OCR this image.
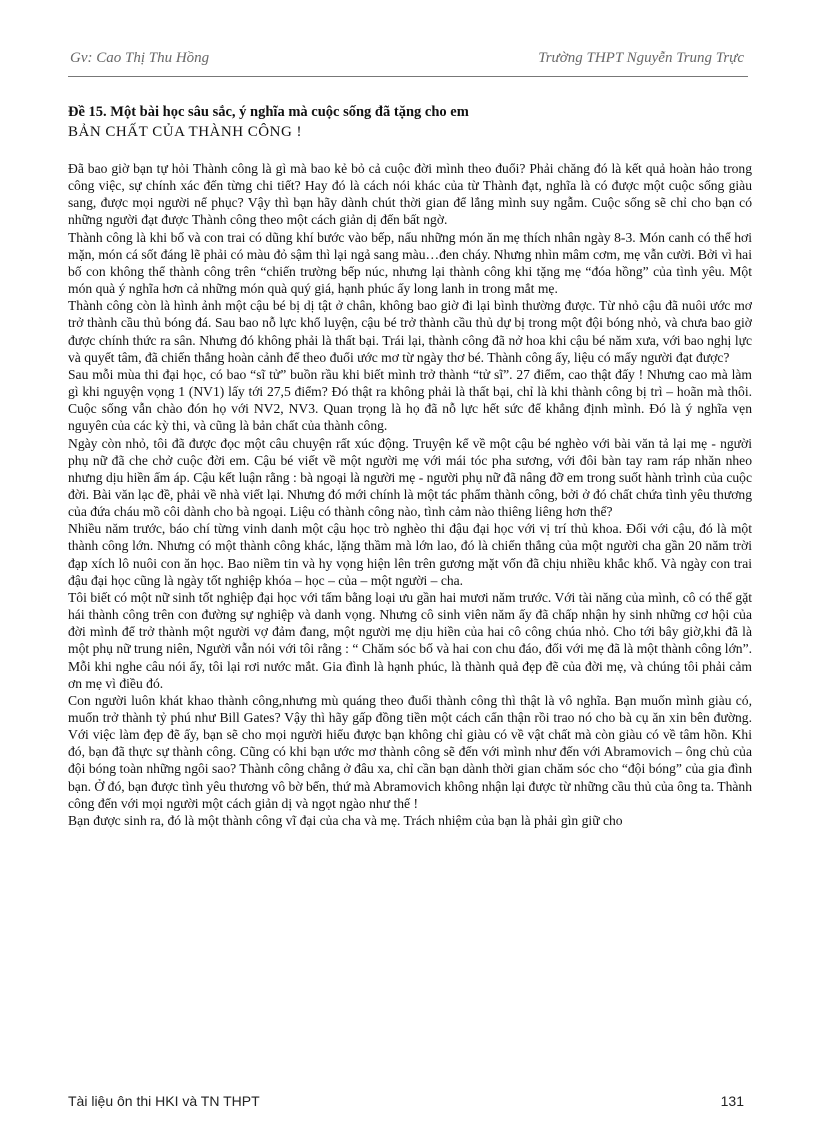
Gv: Cao Thị Thu Hồng	Trường THPT Nguyễn Trung Trực
Đề 15. Một bài học sâu sắc, ý nghĩa mà cuộc sống đã tặng cho em
BẢN CHẤT CỦA THÀNH CÔNG !

Đã bao giờ bạn tự hỏi Thành công là gì mà bao kẻ bỏ cả cuộc đời mình theo đuổi? Phải chăng đó là kết quả hoàn hảo trong công việc, sự chính xác đến từng chi tiết? Hay đó là cách nói khác của từ Thành đạt, nghĩa là có được một cuộc sống giàu sang, được mọi người nể phục? Vậy thì bạn hãy dành chút thời gian để lắng mình suy ngẫm. Cuộc sống sẽ chỉ cho bạn có những người đạt được Thành công theo một cách giản dị đến bất ngờ.

Thành công là khi bố và con trai có dũng khí bước vào bếp, nấu những món ăn mẹ thích nhân ngày 8-3. Món canh có thể hơi mặn, món cá sốt đáng lẽ phải có màu đỏ sậm thì lại ngả sang màu…đen cháy. Nhưng nhìn mâm cơm, mẹ vẫn cười. Bởi vì hai bố con không thể thành công trên “chiến trường bếp núc, nhưng lại thành công khi tặng mẹ “đóa hồng” của tình yêu. Một món quà ý nghĩa hơn cả những món quà quý giá, hạnh phúc ấy long lanh in trong mắt mẹ.

Thành công còn là hình ảnh một cậu bé bị dị tật ở chân, không bao giờ đi lại bình thường được. Từ nhỏ cậu đã nuôi ước mơ trở thành cầu thủ bóng đá. Sau bao nỗ lực khổ luyện, cậu bé trở thành cầu thủ dự bị trong một đội bóng nhỏ, và chưa bao giờ được chính thức ra sân. Nhưng đó không phải là thất bại. Trái lại, thành công đã nở hoa khi cậu bé năm xưa, với bao nghị lực và quyết tâm, đã chiến thắng hoàn cảnh để theo đuổi ước mơ từ ngày thơ bé. Thành công ấy, liệu có mấy người đạt được?

Sau mỗi mùa thi đại học, có bao “sĩ tử” buồn rầu khi biết mình trở thành “tử sĩ”. 27 điểm, cao thật đấy ! Nhưng cao mà làm gì khi nguyện vọng 1 (NV1) lấy tới 27,5 điểm? Đó thật ra không phải là thất bại, chỉ là khi thành công bị trì – hoãn mà thôi. Cuộc sống vẫn chào đón họ với NV2, NV3. Quan trọng là họ đã nỗ lực hết sức để khẳng định mình. Đó là ý nghĩa vẹn nguyên của các kỳ thi, và cũng là bản chất của thành công.

Ngày còn nhỏ, tôi đã được đọc một câu chuyện rất xúc động. Truyện kể về một cậu bé nghèo với bài văn tả lại mẹ - người phụ nữ đã che chở cuộc đời em. Cậu bé viết về một người mẹ với mái tóc pha sương, với đôi bàn tay ram ráp nhăn nheo nhưng dịu hiền ấm áp. Cậu kết luận rằng : bà ngoại là người mẹ - người phụ nữ đã nâng đỡ em trong suốt hành trình của cuộc đời. Bài văn lạc đề, phải về nhà viết lại. Nhưng đó mới chính là một tác phẩm thành công, bởi ở đó chất chứa tình yêu thương của đứa cháu mồ côi dành cho bà ngoại. Liệu có thành công nào, tình cảm nào thiêng liêng hơn thế?

Nhiều năm trước, báo chí từng vinh danh một cậu học trò nghèo thi đậu đại học với vị trí thủ khoa. Đối với cậu, đó là một thành công lớn. Nhưng có một thành công khác, lặng thầm mà lớn lao, đó là chiến thắng của một người cha gần 20 năm trời đạp xích lô nuôi con ăn học. Bao niềm tin và hy vọng hiện lên trên gương mặt vốn đã chịu nhiều khắc khổ. Và ngày con trai đậu đại học cũng là ngày tốt nghiệp khóa – học – của – một người – cha.

Tôi biết có một nữ sinh tốt nghiệp đại học với tấm bằng loại ưu gần hai mươi năm trước. Với tài năng của mình, cô có thể gặt hái thành công trên con đường sự nghiệp và danh vọng. Nhưng cô sinh viên năm ấy đã chấp nhận hy sinh những cơ hội của đời mình để trở thành một người vợ đảm đang, một người mẹ dịu hiền của hai cô công chúa nhỏ. Cho tới bây giờ,khi đã là một phụ nữ trung niên, Người vẫn nói với tôi rằng : “ Chăm sóc bố và hai con chu đáo, đối với mẹ đã là một thành công lớn”. Mỗi khi nghe câu nói ấy, tôi lại rơi nước mắt. Gia đình là hạnh phúc, là thành quả đẹp đẽ của đời mẹ, và chúng tôi phải cảm ơn mẹ vì điều đó.

Con người luôn khát khao thành công,nhưng mù quáng theo đuổi thành công thì thật là vô nghĩa. Bạn muốn mình giàu có, muốn trở thành tỷ phú như Bill Gates? Vậy thì hãy gấp đồng tiền một cách cẩn thận rồi trao nó cho bà cụ ăn xin bên đường. Với việc làm đẹp đẽ ấy, bạn sẽ cho mọi người hiểu được bạn không chỉ giàu có về vật chất mà còn giàu có về tâm hồn. Khi đó, bạn đã thực sự thành công. Cũng có khi bạn ước mơ thành công sẽ đến với mình như đến với Abramovich – ông chủ của đội bóng toàn những ngôi sao? Thành công chẳng ở đâu xa, chỉ cần bạn dành thời gian chăm sóc cho “đội bóng” của gia đình bạn. Ở đó, bạn được tình yêu thương vô bờ bến, thứ mà Abramovich không nhận lại được từ những cầu thủ của ông ta. Thành công đến với mọi người một cách giản dị và ngọt ngào như thế !

Bạn được sinh ra, đó là một thành công vĩ đại của cha và mẹ. Trách nhiệm của bạn là phải gìn giữ cho

Tài liệu ôn thi HKI và TN THPT	131
